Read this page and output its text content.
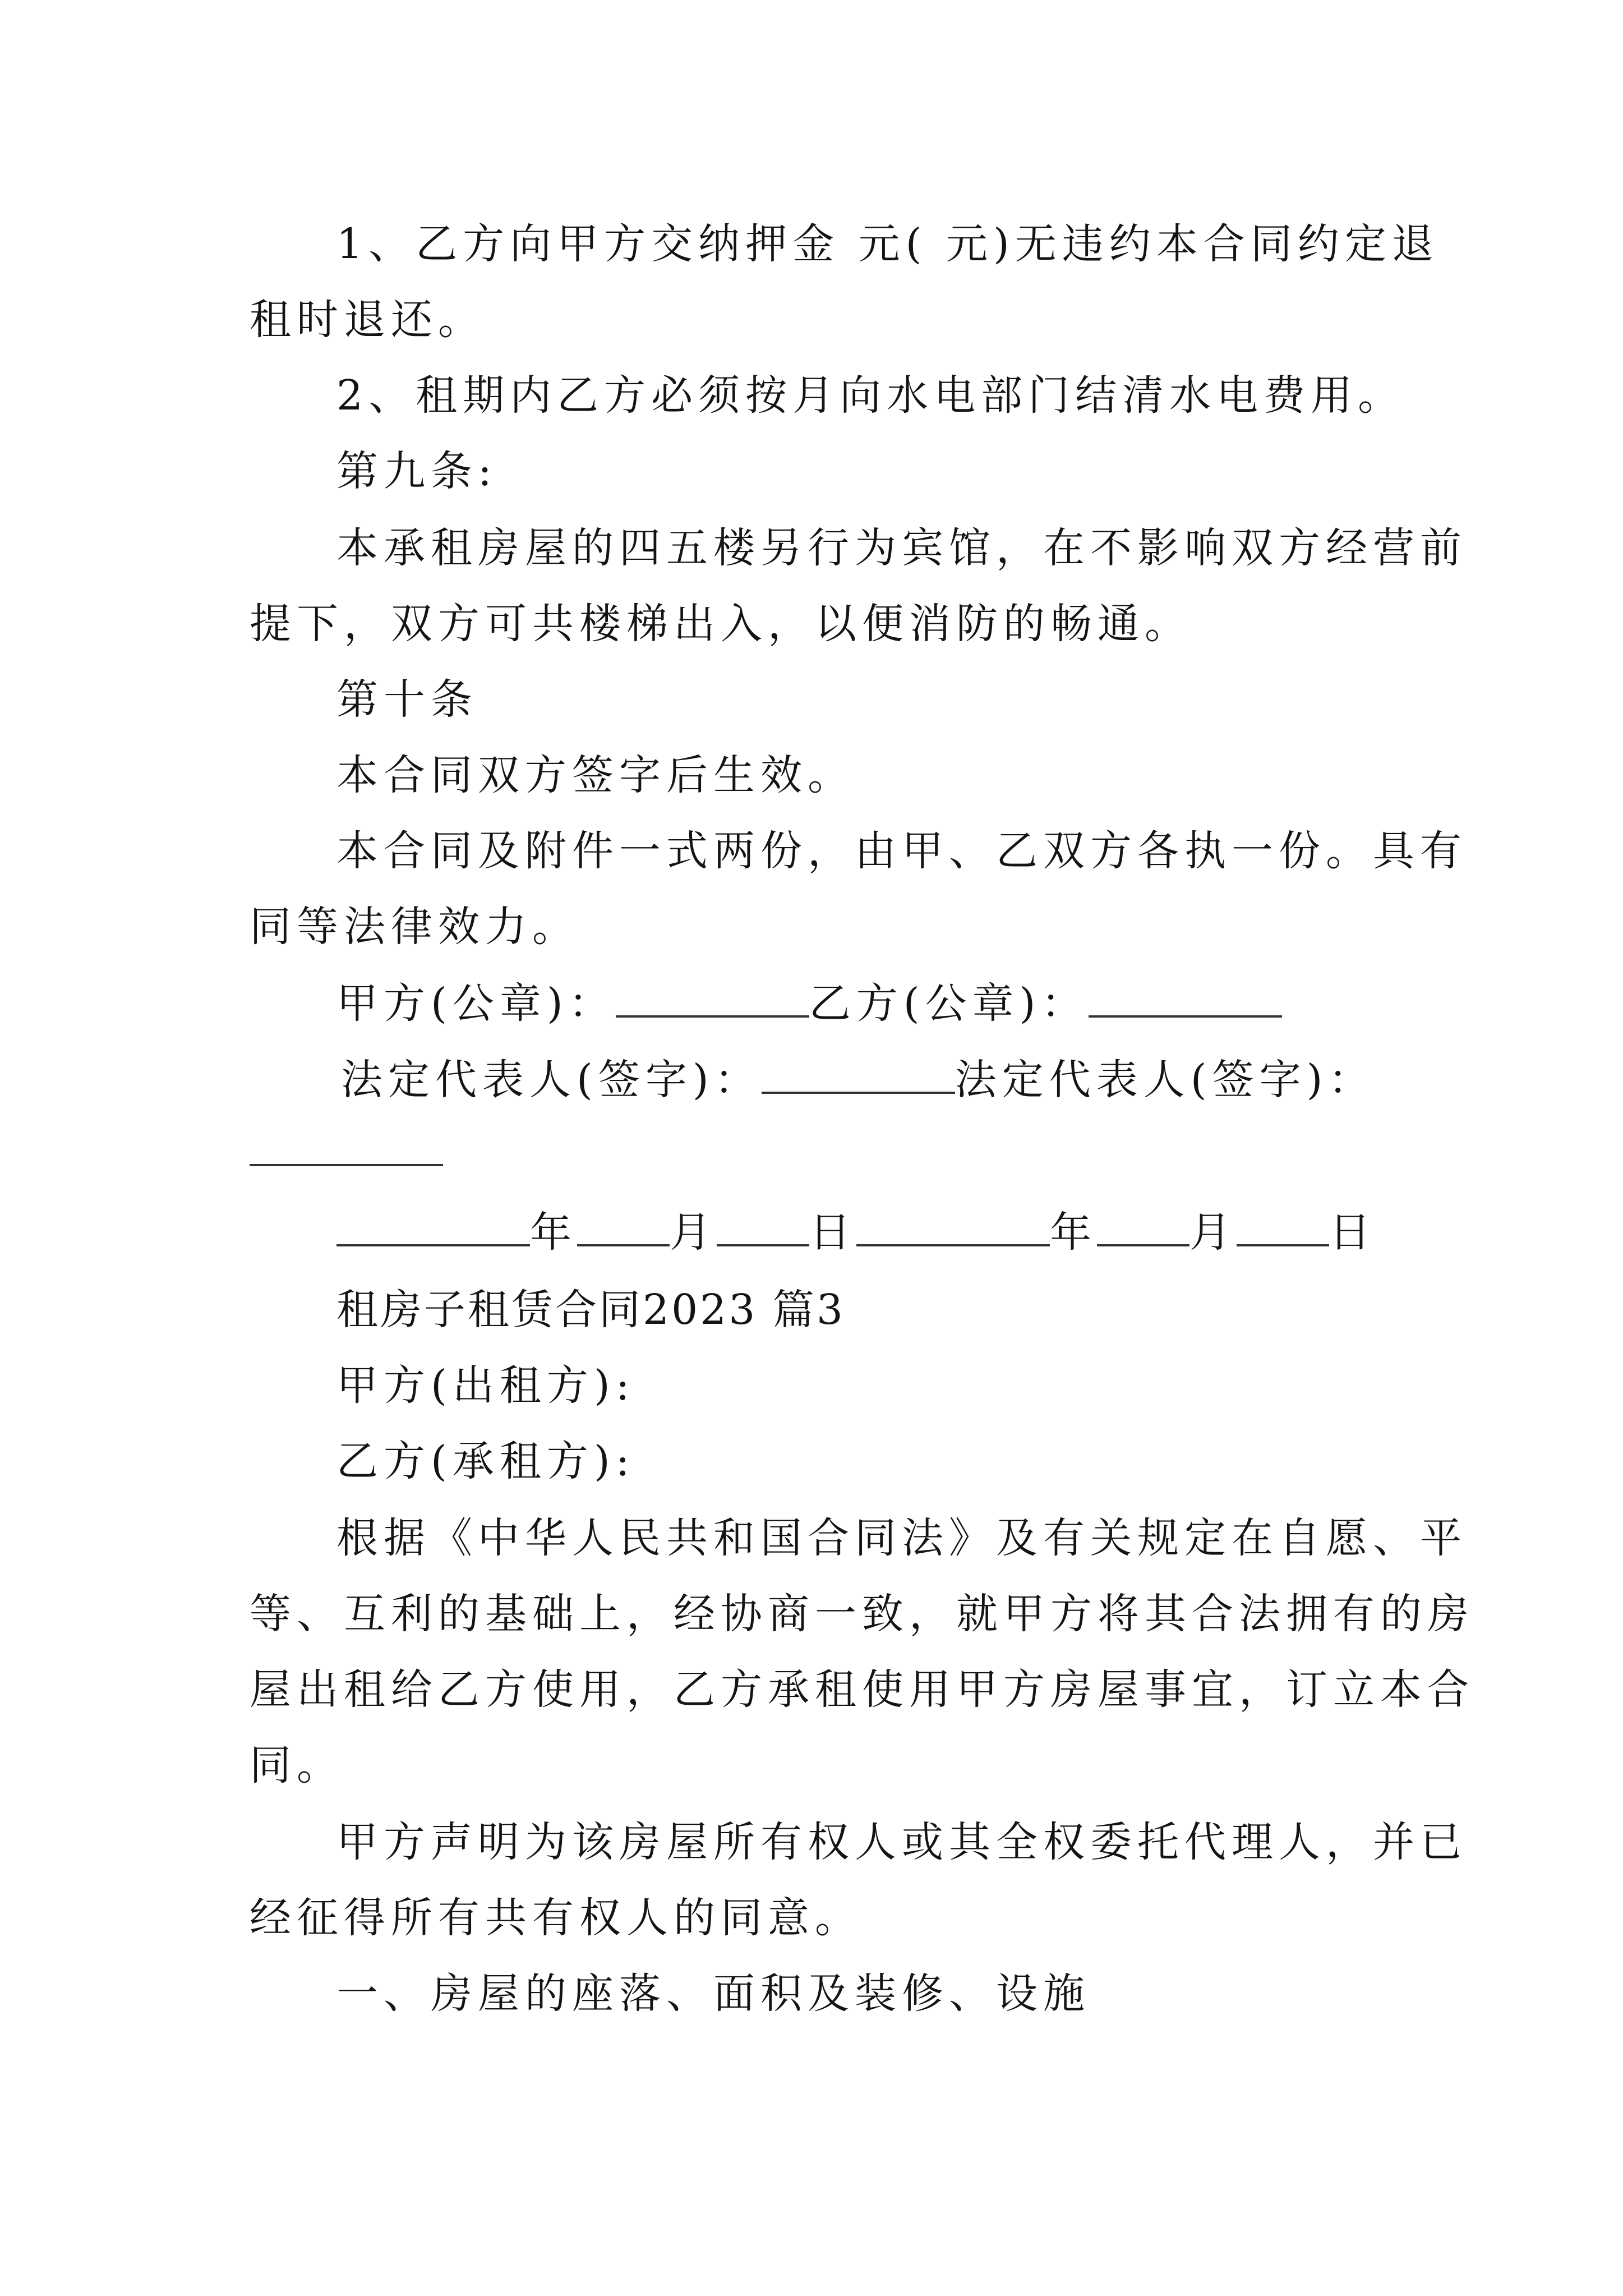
1、乙方向甲方交纳押金 元( 元)无违约本合同约定退
租时退还。
2、租期内乙方必须按月向水电部门结清水电费用。
第九条:
本承租房屋的四五楼另行为宾馆，在不影响双方经营前
提下，双方可共楼梯出入，以便消防的畅通。
第十条
本合同双方签字后生效。
本合同及附件一式两份，由甲、乙双方各执一份。具有
同等法律效力。
甲方(公章)：	乙方(公章)：
法定代表人(签字)：	法定代表人(签字)：
年 月 日	年 月 日
租房子租赁合同2023 篇3
甲方(出租方):
乙方(承租方):
根据《中华人民共和国合同法》及有关规定在自愿、平
等、互利的基础上，经协商一致，就甲方将其合法拥有的房
屋出租给乙方使用，乙方承租使用甲方房屋事宜，订立本合
同。
甲方声明为该房屋所有权人或其全权委托代理人，并已
经征得所有共有权人的同意。
一、房屋的座落、面积及装修、设施
